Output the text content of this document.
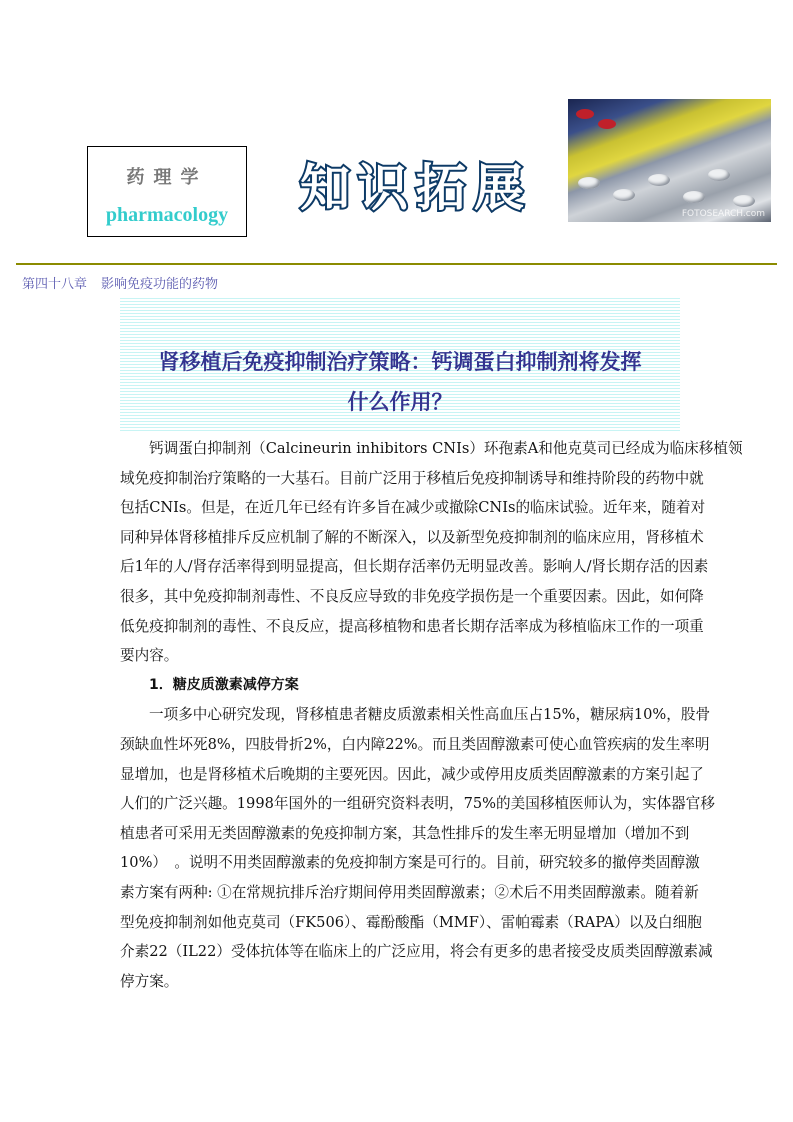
药理学
pharmacology	知识拓展	FOTOSEARCH.com
第四十八章 影响免疫功能的药物
肾移植后免疫抑制治疗策略：钙调蛋白抑制剂将发挥
什么作用？
钙调蛋白抑制剂（Calcineurin inhibitors CNIs）环孢素A和他克莫司已经成为临床移植领
域免疫抑制治疗策略的一大基石。目前广泛用于移植后免疫抑制诱导和维持阶段的药物中就
包括CNIs。但是，在近几年已经有许多旨在减少或撤除CNIs的临床试验。近年来，随着对
同种异体肾移植排斥反应机制了解的不断深入，以及新型免疫抑制剂的临床应用，肾移植术
后1年的人/肾存活率得到明显提高，但长期存活率仍无明显改善。影响人/肾长期存活的因素
很多，其中免疫抑制剂毒性、不良反应导致的非免疫学损伤是一个重要因素。因此，如何降
低免疫抑制剂的毒性、不良反应，提高移植物和患者长期存活率成为移植临床工作的一项重
要内容。
1．糖皮质激素减停方案
一项多中心研究发现，肾移植患者糖皮质激素相关性高血压占15%，糖尿病10%，股骨
颈缺血性坏死8%，四肢骨折2%，白内障22%。而且类固醇激素可使心血管疾病的发生率明
显增加，也是肾移植术后晚期的主要死因。因此，减少或停用皮质类固醇激素的方案引起了
人们的广泛兴趣。1998年国外的一组研究资料表明，75%的美国移植医师认为，实体器官移
植患者可采用无类固醇激素的免疫抑制方案，其急性排斥的发生率无明显增加（增加不到
10%）　。说明不用类固醇激素的免疫抑制方案是可行的。目前，研究较多的撤停类固醇激
素方案有两种: ①在常规抗排斥治疗期间停用类固醇激素；②术后不用类固醇激素。随着新
型免疫抑制剂如他克莫司（FK506）、霉酚酸酯（MMF）、雷帕霉素（RAPA）以及白细胞
介素22（IL22）受体抗体等在临床上的广泛应用，将会有更多的患者接受皮质类固醇激素减
停方案。
